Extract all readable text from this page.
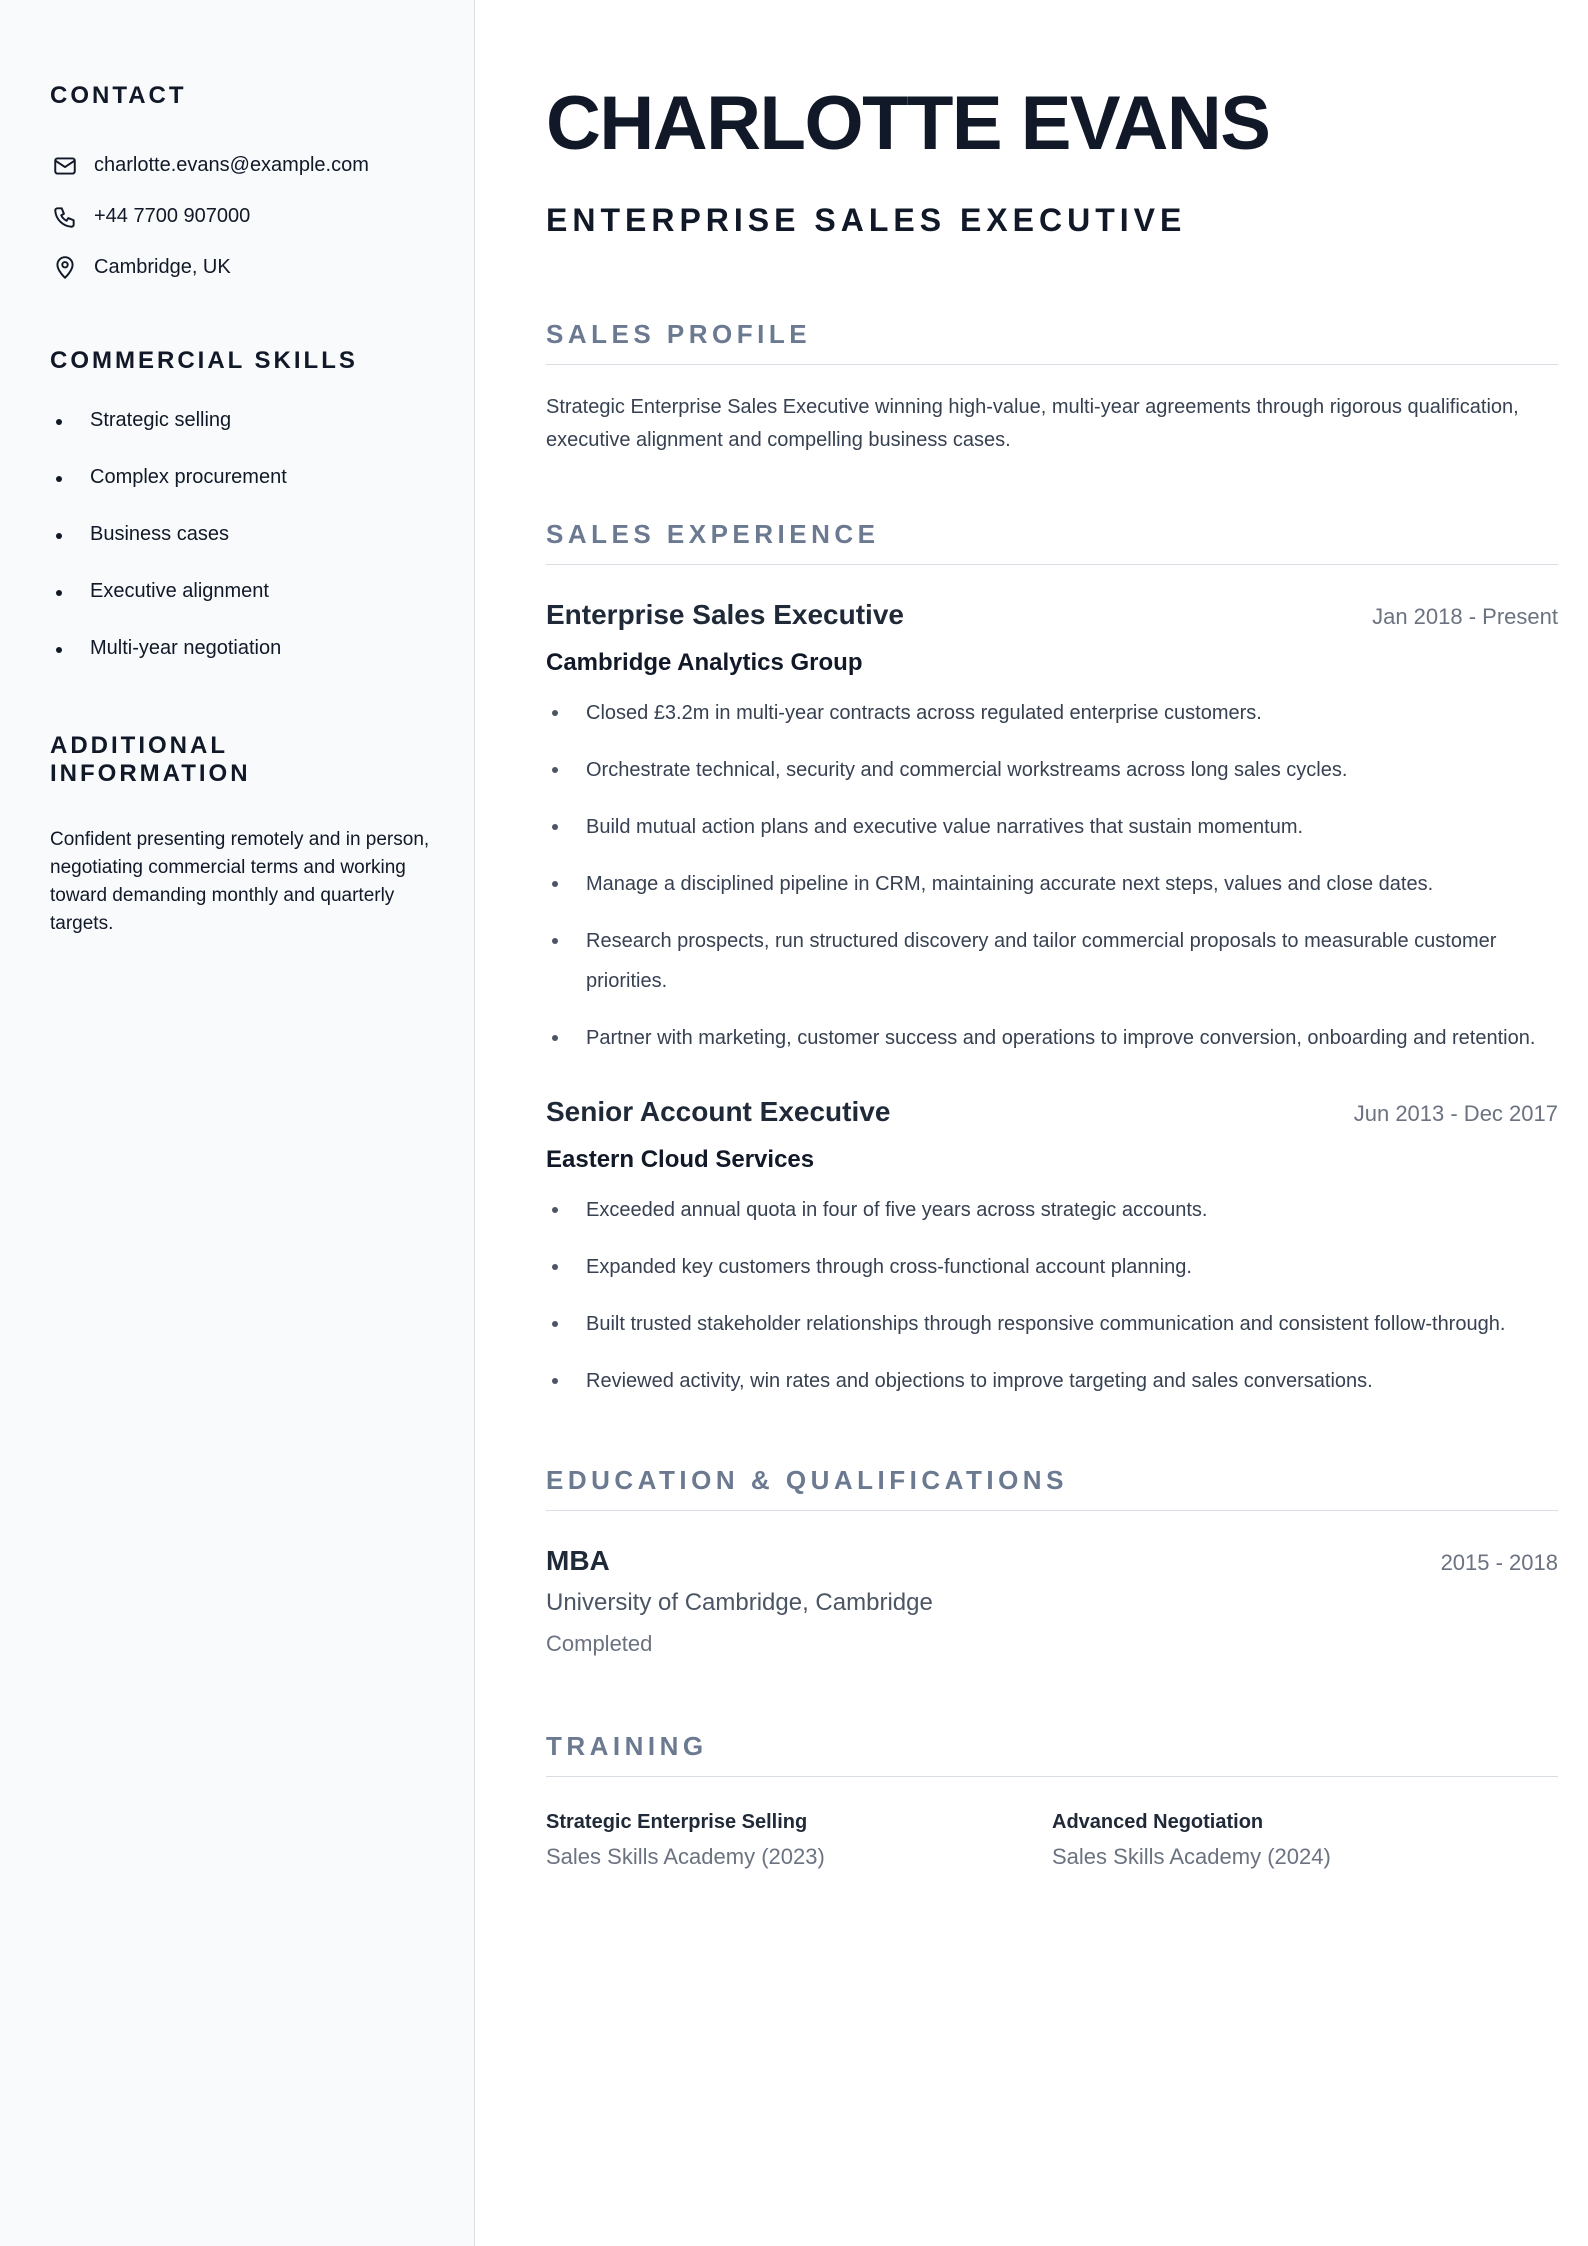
CONTACT
charlotte.evans@example.com
+44 7700 907000
Cambridge, UK
COMMERCIAL SKILLS
Strategic selling
Complex procurement
Business cases
Executive alignment
Multi-year negotiation
ADDITIONAL INFORMATION
Confident presenting remotely and in person, negotiating commercial terms and working toward demanding monthly and quarterly targets.
CHARLOTTE EVANS
ENTERPRISE SALES EXECUTIVE
SALES PROFILE
Strategic Enterprise Sales Executive winning high-value, multi-year agreements through rigorous qualification, executive alignment and compelling business cases.
SALES EXPERIENCE
Enterprise Sales Executive	Jan 2018 - Present
Cambridge Analytics Group
Closed £3.2m in multi-year contracts across regulated enterprise customers.
Orchestrate technical, security and commercial workstreams across long sales cycles.
Build mutual action plans and executive value narratives that sustain momentum.
Manage a disciplined pipeline in CRM, maintaining accurate next steps, values and close dates.
Research prospects, run structured discovery and tailor commercial proposals to measurable customer priorities.
Partner with marketing, customer success and operations to improve conversion, onboarding and retention.
Senior Account Executive	Jun 2013 - Dec 2017
Eastern Cloud Services
Exceeded annual quota in four of five years across strategic accounts.
Expanded key customers through cross-functional account planning.
Built trusted stakeholder relationships through responsive communication and consistent follow-through.
Reviewed activity, win rates and objections to improve targeting and sales conversations.
EDUCATION & QUALIFICATIONS
MBA	2015 - 2018
University of Cambridge, Cambridge
Completed
TRAINING
Strategic Enterprise Selling
Sales Skills Academy (2023)
Advanced Negotiation
Sales Skills Academy (2024)
